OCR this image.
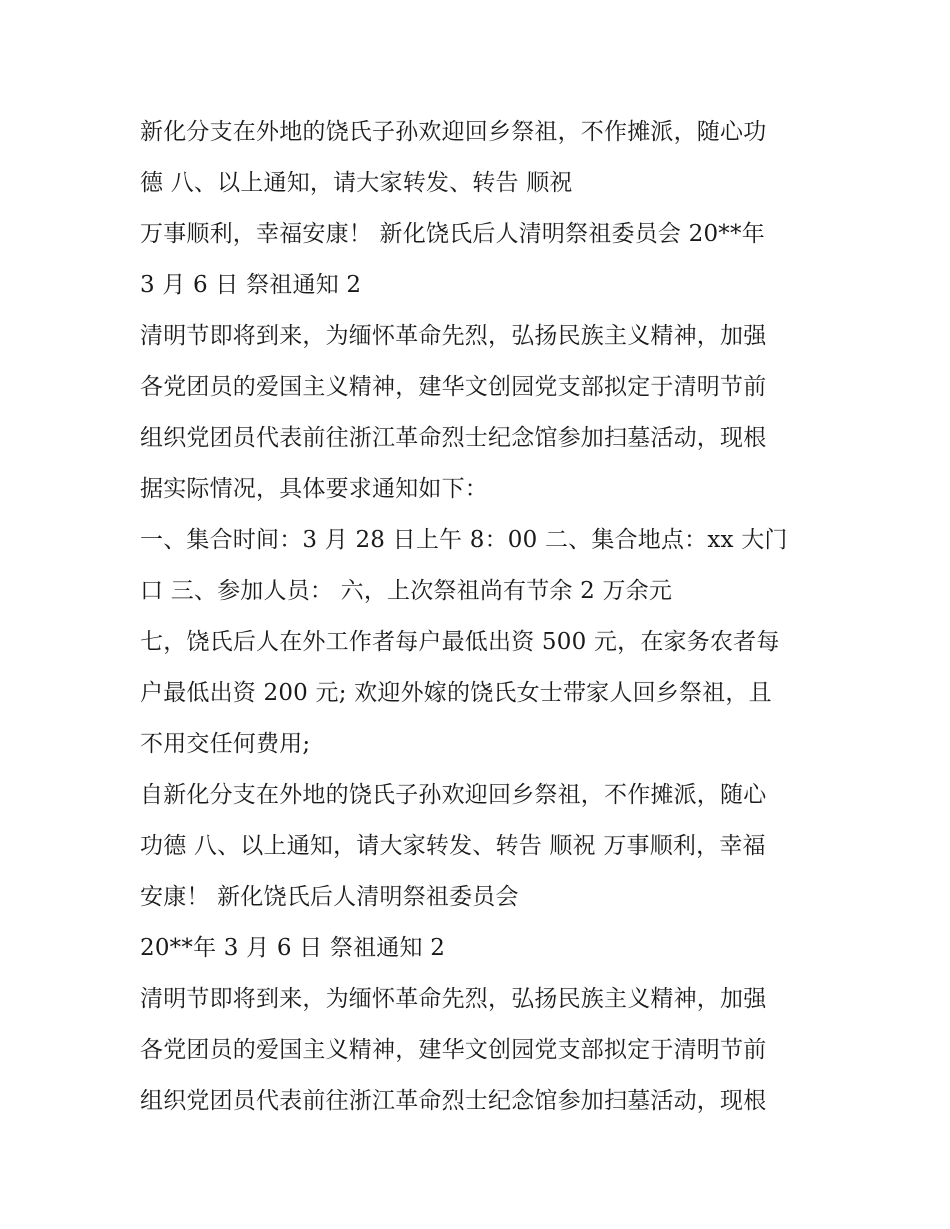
新化分支在外地的饶氏子孙欢迎回乡祭祖，不作摊派，随心功
德 八、以上通知，请大家转发、转告 顺祝
万事顺利，幸福安康！ 新化饶氏后人清明祭祖委员会 20**年
3 月 6 日 祭祖通知 2
清明节即将到来，为缅怀革命先烈，弘扬民族主义精神，加强
各党团员的爱国主义精神，建华文创园党支部拟定于清明节前
组织党团员代表前往浙江革命烈士纪念馆参加扫墓活动，现根
据实际情况，具体要求通知如下：
一、集合时间：3 月 28 日上午 8：00 二、集合地点：xx 大门
口 三、参加人员： 六，上次祭祖尚有节余 2 万余元
七，饶氏后人在外工作者每户最低出资 500 元，在家务农者每
户最低出资 200 元; 欢迎外嫁的饶氏女士带家人回乡祭祖，且
不用交任何费用;
自新化分支在外地的饶氏子孙欢迎回乡祭祖，不作摊派，随心
功德 八、以上通知，请大家转发、转告 顺祝 万事顺利，幸福
安康！ 新化饶氏后人清明祭祖委员会
20**年 3 月 6 日 祭祖通知 2
清明节即将到来，为缅怀革命先烈，弘扬民族主义精神，加强
各党团员的爱国主义精神，建华文创园党支部拟定于清明节前
组织党团员代表前往浙江革命烈士纪念馆参加扫墓活动，现根
